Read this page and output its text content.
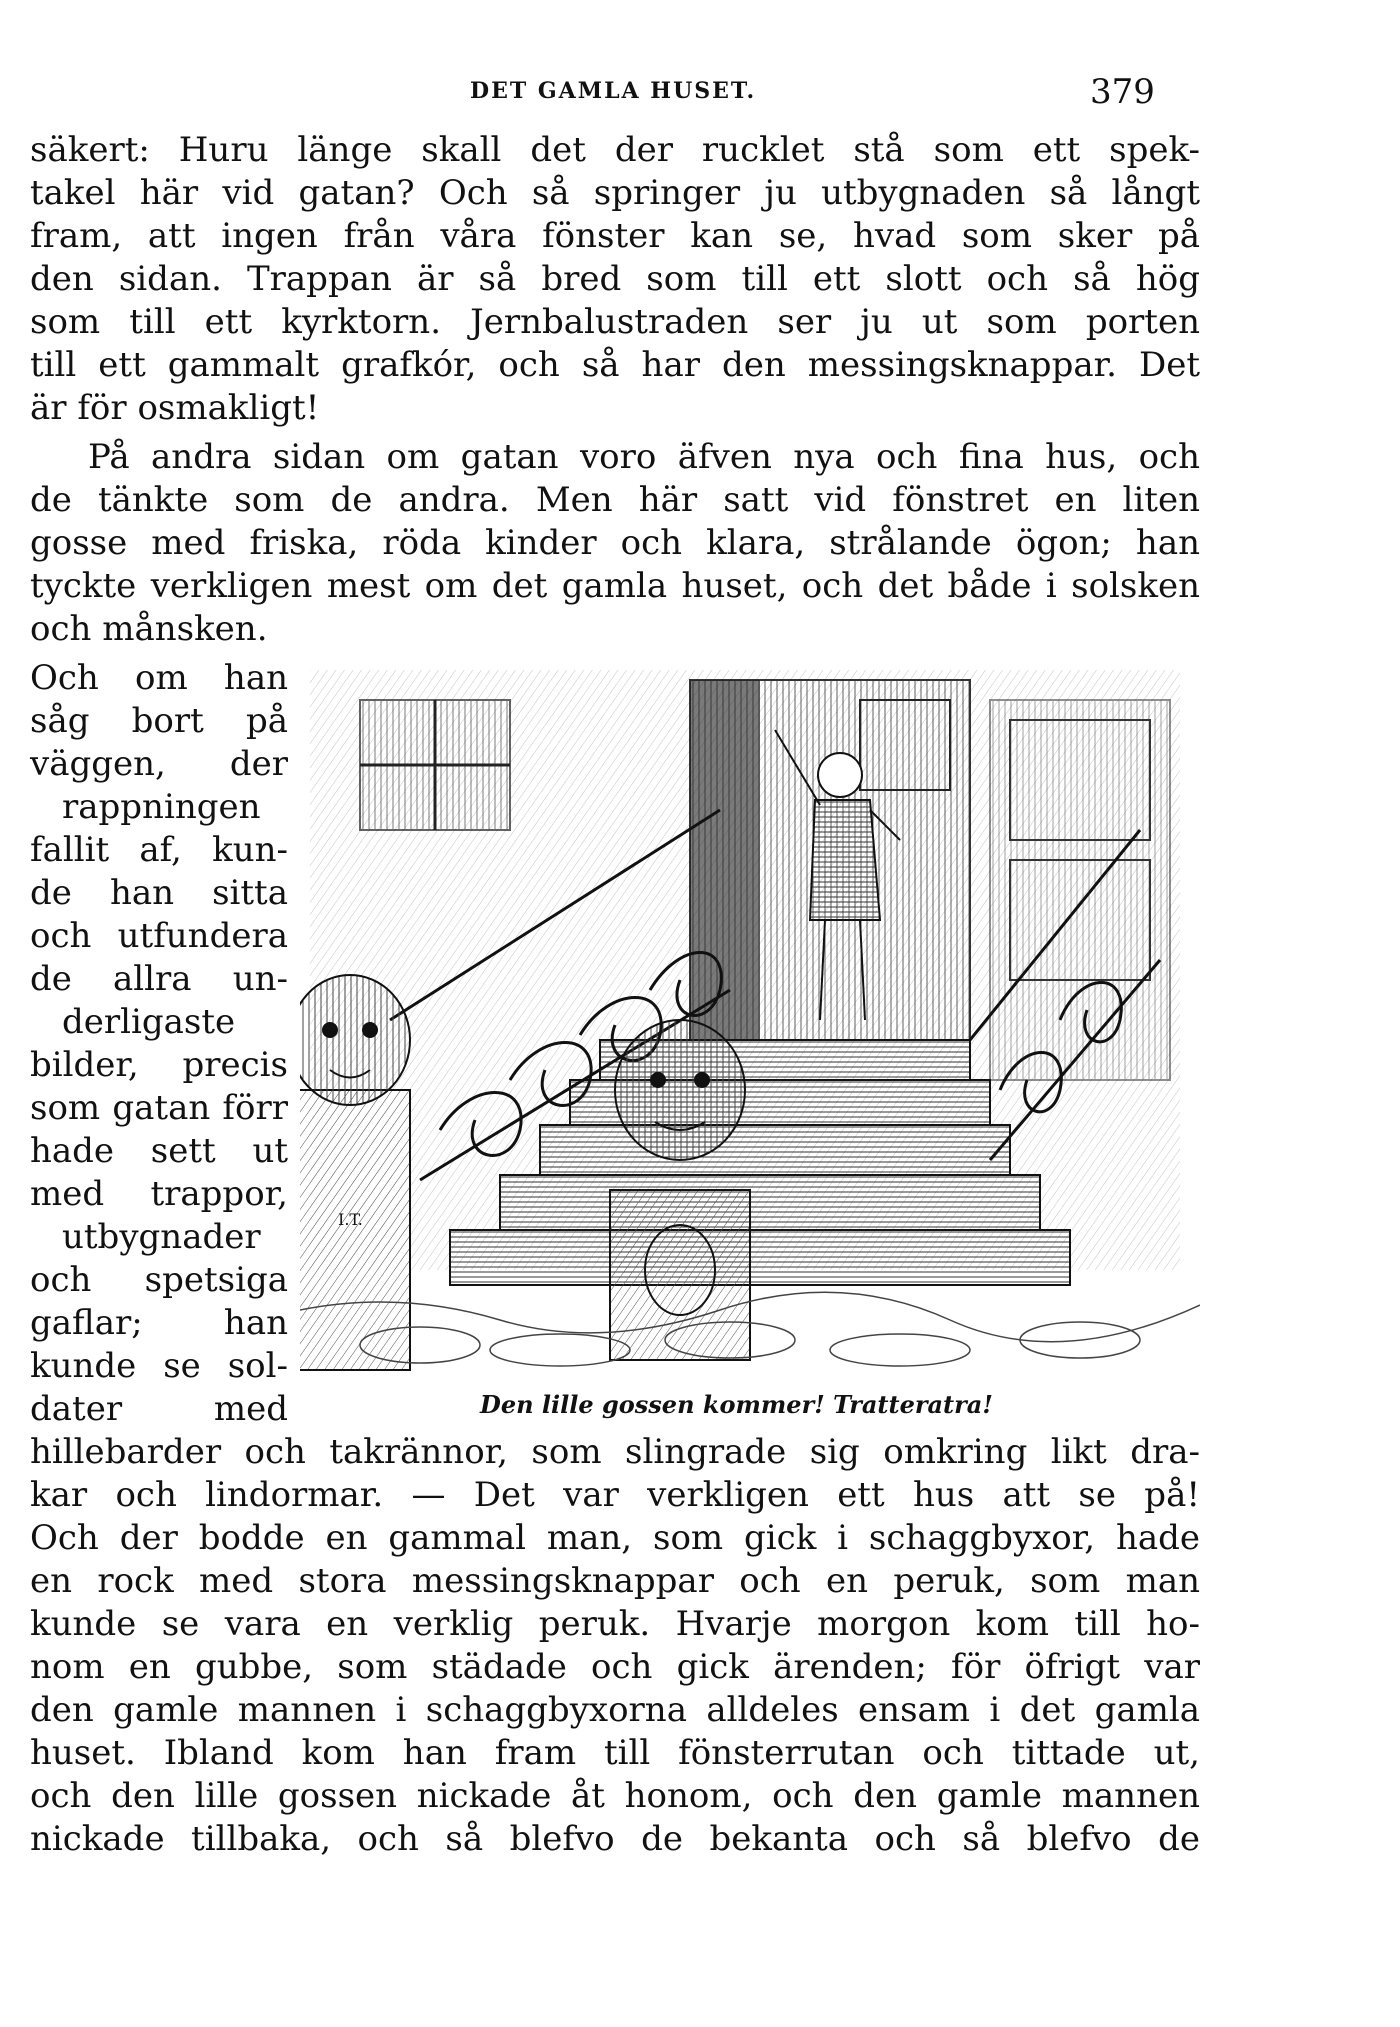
DET GAMLA HUSET.	379
säkert: Huru länge skall det der rucklet stå som ett spek-
takel här vid gatan? Och så springer ju utbygnaden så långt
fram, att ingen från våra fönster kan se, hvad som sker på
den sidan. Trappan är så bred som till ett slott och så hög
som till ett kyrktorn. Jernbalustraden ser ju ut som porten
till ett gammalt grafkór, och så har den messingsknappar. Det
är för osmakligt!
På andra sidan om gatan voro äfven nya och fina hus, och
de tänkte som de andra. Men här satt vid fönstret en liten
gosse med friska, röda kinder och klara, strålande ögon; han
tyckte verkligen mest om det gamla huset, och det både i solsken
och månsken.
Och om han
såg bort på
väggen, der
rappningen
fallit af, kun-
de han sitta
och utfundera
de allra un-
derligaste
bilder, precis
som gatan förr
hade sett ut
med trappor,
utbygnader
och spetsiga
gaflar; han
kunde se sol-
dater med
I.T.
Den lille gossen kommer! Tratteratra!
hillebarder och takrännor, som slingrade sig omkring likt dra-
kar och lindormar. — Det var verkligen ett hus att se på!
Och der bodde en gammal man, som gick i schaggbyxor, hade
en rock med stora messingsknappar och en peruk, som man
kunde se vara en verklig peruk. Hvarje morgon kom till ho-
nom en gubbe, som städade och gick ärenden; för öfrigt var
den gamle mannen i schaggbyxorna alldeles ensam i det gamla
huset. Ibland kom han fram till fönsterrutan och tittade ut,
och den lille gossen nickade åt honom, och den gamle mannen
nickade tillbaka, och så blefvo de bekanta och så blefvo de
